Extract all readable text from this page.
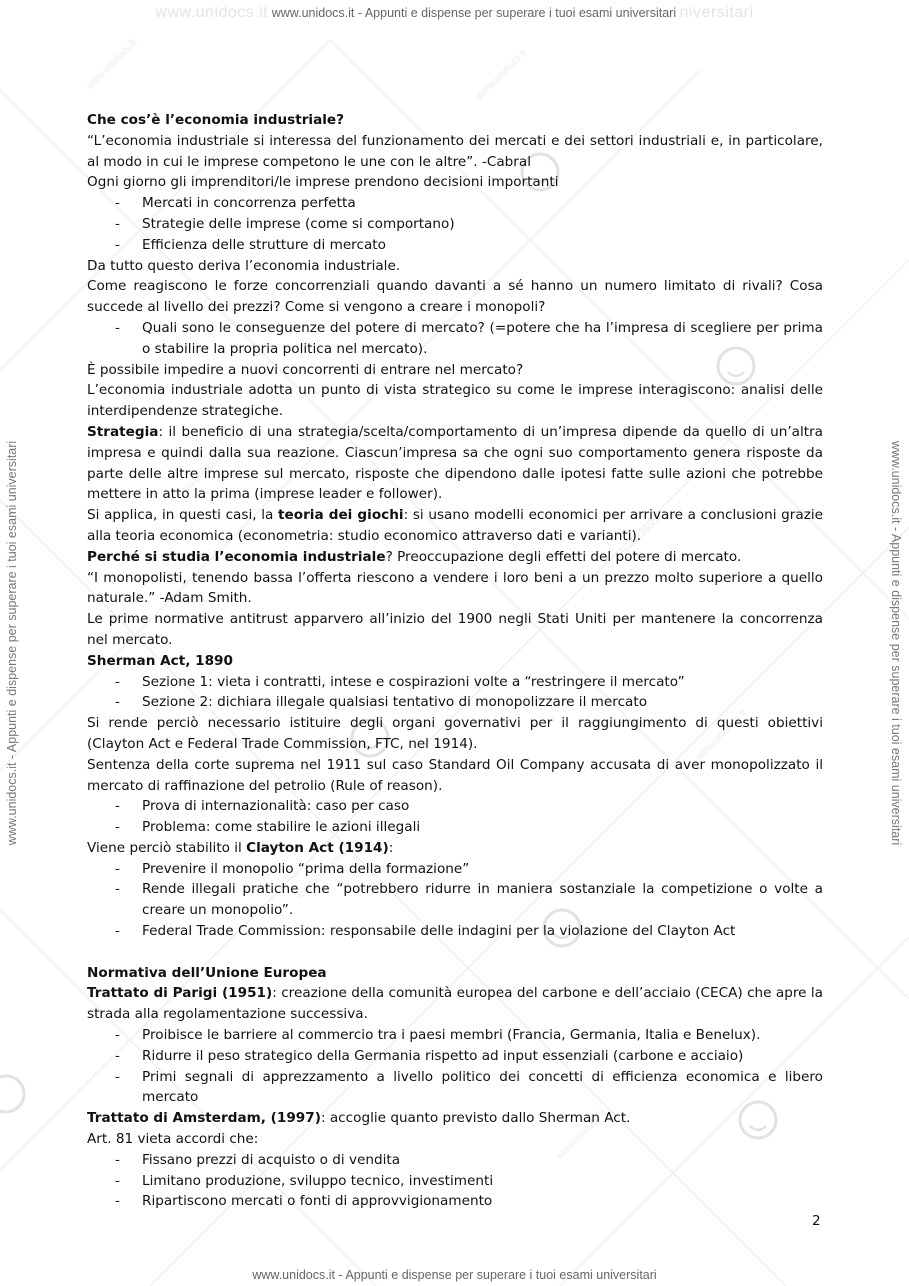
www.unidocs.it	www.unidocs.it
www.unidocs.it
www.unidocs.it
www.unidocs.it
www.unidocs.it
www.unidocs.it
www.unidocs.it www.unidocs.it - Appunti e dispense per superare i tuoi esami universitari niversitari
www.unidocs.it - Appunti e dispense per superare i tuoi esami universitari
www.unidocs.it - Appunti e dispense per superare i tuoi esami universitari	www.unidocs.it - Appunti e dispense per superare i tuoi esami universitari

Che cos’è l’economia industriale?

“L’economia industriale si interessa del funzionamento dei mercati e dei settori industriali e, in particolare, al modo in cui le imprese competono le une con le altre”. -Cabral

Ogni giorno gli imprenditori/le imprese prendono decisioni importanti

- Mercati in concorrenza perfetta
- Strategie delle imprese (come si comportano)
- Efficienza delle strutture di mercato

Da tutto questo deriva l’economia industriale.

Come reagiscono le forze concorrenziali quando davanti a sé hanno un numero limitato di rivali? Cosa succede al livello dei prezzi? Come si vengono a creare i monopoli?

- Quali sono le conseguenze del potere di mercato? (=potere che ha l’impresa di scegliere per prima o stabilire la propria politica nel mercato).

È possibile impedire a nuovi concorrenti di entrare nel mercato?

L’economia industriale adotta un punto di vista strategico su come le imprese interagiscono: analisi delle interdipendenze strategiche.

Strategia: il beneficio di una strategia/scelta/comportamento di un’impresa dipende da quello di un’altra impresa e quindi dalla sua reazione. Ciascun’impresa sa che ogni suo comportamento genera risposte da parte delle altre imprese sul mercato, risposte che dipendono dalle ipotesi fatte sulle azioni che potrebbe mettere in atto la prima (imprese leader e follower).

Si applica, in questi casi, la teoria dei giochi: si usano modelli economici per arrivare a conclusioni grazie alla teoria economica (econometria: studio economico attraverso dati e varianti).

Perché si studia l’economia industriale? Preoccupazione degli effetti del potere di mercato.

“I monopolisti, tenendo bassa l’offerta riescono a vendere i loro beni a un prezzo molto superiore a quello naturale.” -Adam Smith.

Le prime normative antitrust apparvero all’inizio del 1900 negli Stati Uniti per mantenere la concorrenza nel mercato.

Sherman Act, 1890

- Sezione 1: vieta i contratti, intese e cospirazioni volte a “restringere il mercato”
- Sezione 2: dichiara illegale qualsiasi tentativo di monopolizzare il mercato

Si rende perciò necessario istituire degli organi governativi per il raggiungimento di questi obiettivi (Clayton Act e Federal Trade Commission, FTC, nel 1914).

Sentenza della corte suprema nel 1911 sul caso Standard Oil Company accusata di aver monopolizzato il mercato di raffinazione del petrolio (Rule of reason).

- Prova di internazionalità: caso per caso
- Problema: come stabilire le azioni illegali

Viene perciò stabilito il Clayton Act (1914):

- Prevenire il monopolio “prima della formazione”
- Rende illegali pratiche che “potrebbero ridurre in maniera sostanziale la competizione o volte a creare un monopolio”.
- Federal Trade Commission: responsabile delle indagini per la violazione del Clayton Act

Normativa dell’Unione Europea

Trattato di Parigi (1951): creazione della comunità europea del carbone e dell’acciaio (CECA) che apre la strada alla regolamentazione successiva.

- Proibisce le barriere al commercio tra i paesi membri (Francia, Germania, Italia e Benelux).
- Ridurre il peso strategico della Germania rispetto ad input essenziali (carbone e acciaio)
- Primi segnali di apprezzamento a livello politico dei concetti di efficienza economica e libero mercato

Trattato di Amsterdam, (1997): accoglie quanto previsto dallo Sherman Act.

Art. 81 vieta accordi che:

- Fissano prezzi di acquisto o di vendita
- Limitano produzione, sviluppo tecnico, investimenti
- Ripartiscono mercati o fonti di approvvigionamento
2
